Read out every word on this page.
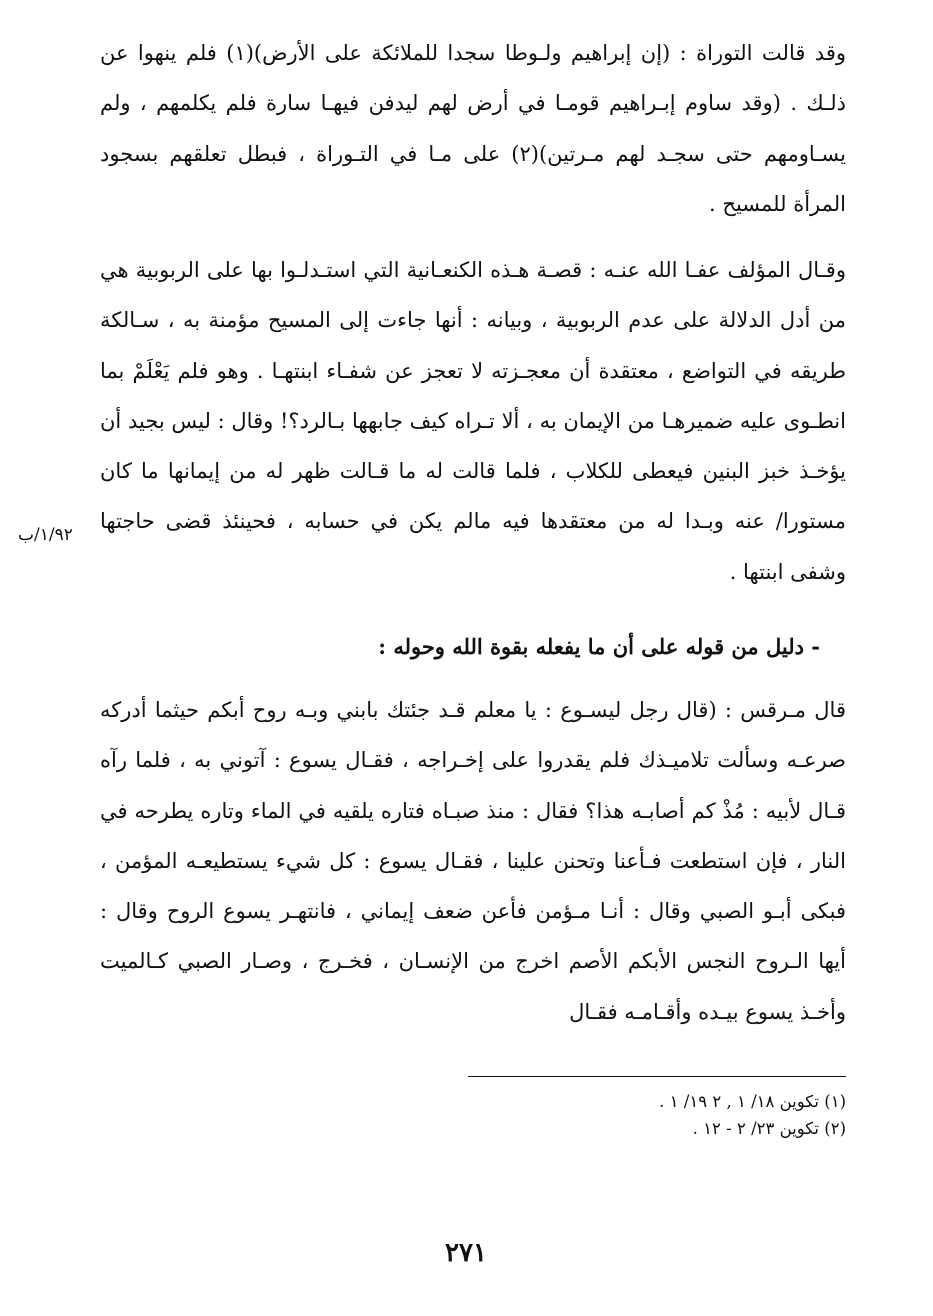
وقد قالت التوراة : (إن إبراهيم ولـوطا سجدا للملائكة على الأرض)(١) فلم ينهوا عن ذلـك . (وقد ساوم إبـراهيم قومـا في أرض لهم ليدفن فيهـا سارة فلم يكلمهم ، ولم يسـاومهم حتى سجـد لهم مـرتين)(٢) على مـا في التـوراة ، فبطل تعلقهم بسجود المرأة للمسيح .

وقـال المؤلف عفـا الله عنـه : قصـة هـذه الكنعـانية التي استـدلـوا بها على الربوبية هي من أدل الدلالة على عدم الربوبية ، وبيانه : أنها جاءت إلى المسيح مؤمنة به ، سـالكة طريقه في التواضع ، معتقدة أن معجـزته لا تعجز عن شفـاء ابنتهـا . وهو فلم يَعْلَمْ بما انطـوى عليه ضميرهـا من الإيمان به ، ألا تـراه كيف جابهها بـالرد؟! وقال : ليس بجيد أن يؤخـذ خبز البنين فيعطى للكلاب ، فلما قالت له ما قـالت ظهر له من إيمانها ما كان مستورا/ عنه وبـدا له من معتقدها فيه مالم يكن في حسابه ، فحينئذ قضى حاجتها وشفى ابنتها .

١/٩٢/ب

- دليل من قوله على أن ما يفعله بقوة الله وحوله :

قال مـرقس : (قال رجل ليسـوع : يا معلم قـد جئتك بابني وبـه روح أبكم حيثما أدركه صرعـه وسألت تلاميـذك فلم يقدروا على إخـراجه ، فقـال يسوع : آتوني به ، فلما رآه قـال لأبيه : مُذْ كم أصابـه هذا؟ فقال : منذ صبـاه فتاره يلقيه في الماء وتاره يطرحه في النار ، فإن استطعت فـأعنا وتحنن علينا ، فقـال يسوع : كل شيء يستطيعـه المؤمن ، فبكى أبـو الصبي وقال : أنـا مـؤمن فأعن ضعف إيماني ، فانتهـر يسوع الروح وقال : أيها الـروح النجس الأبكم الأصم اخرج من الإنسـان ، فخـرج ، وصـار الصبي كـالميت وأخـذ يسوع بيـده وأقـامـه فقـال

(١) تكوين ١٨/ ١ , ٢ ١٩/ ١ .
(٢) تكوين ٢٣/ ٢ - ١٢ .
٢٧١
